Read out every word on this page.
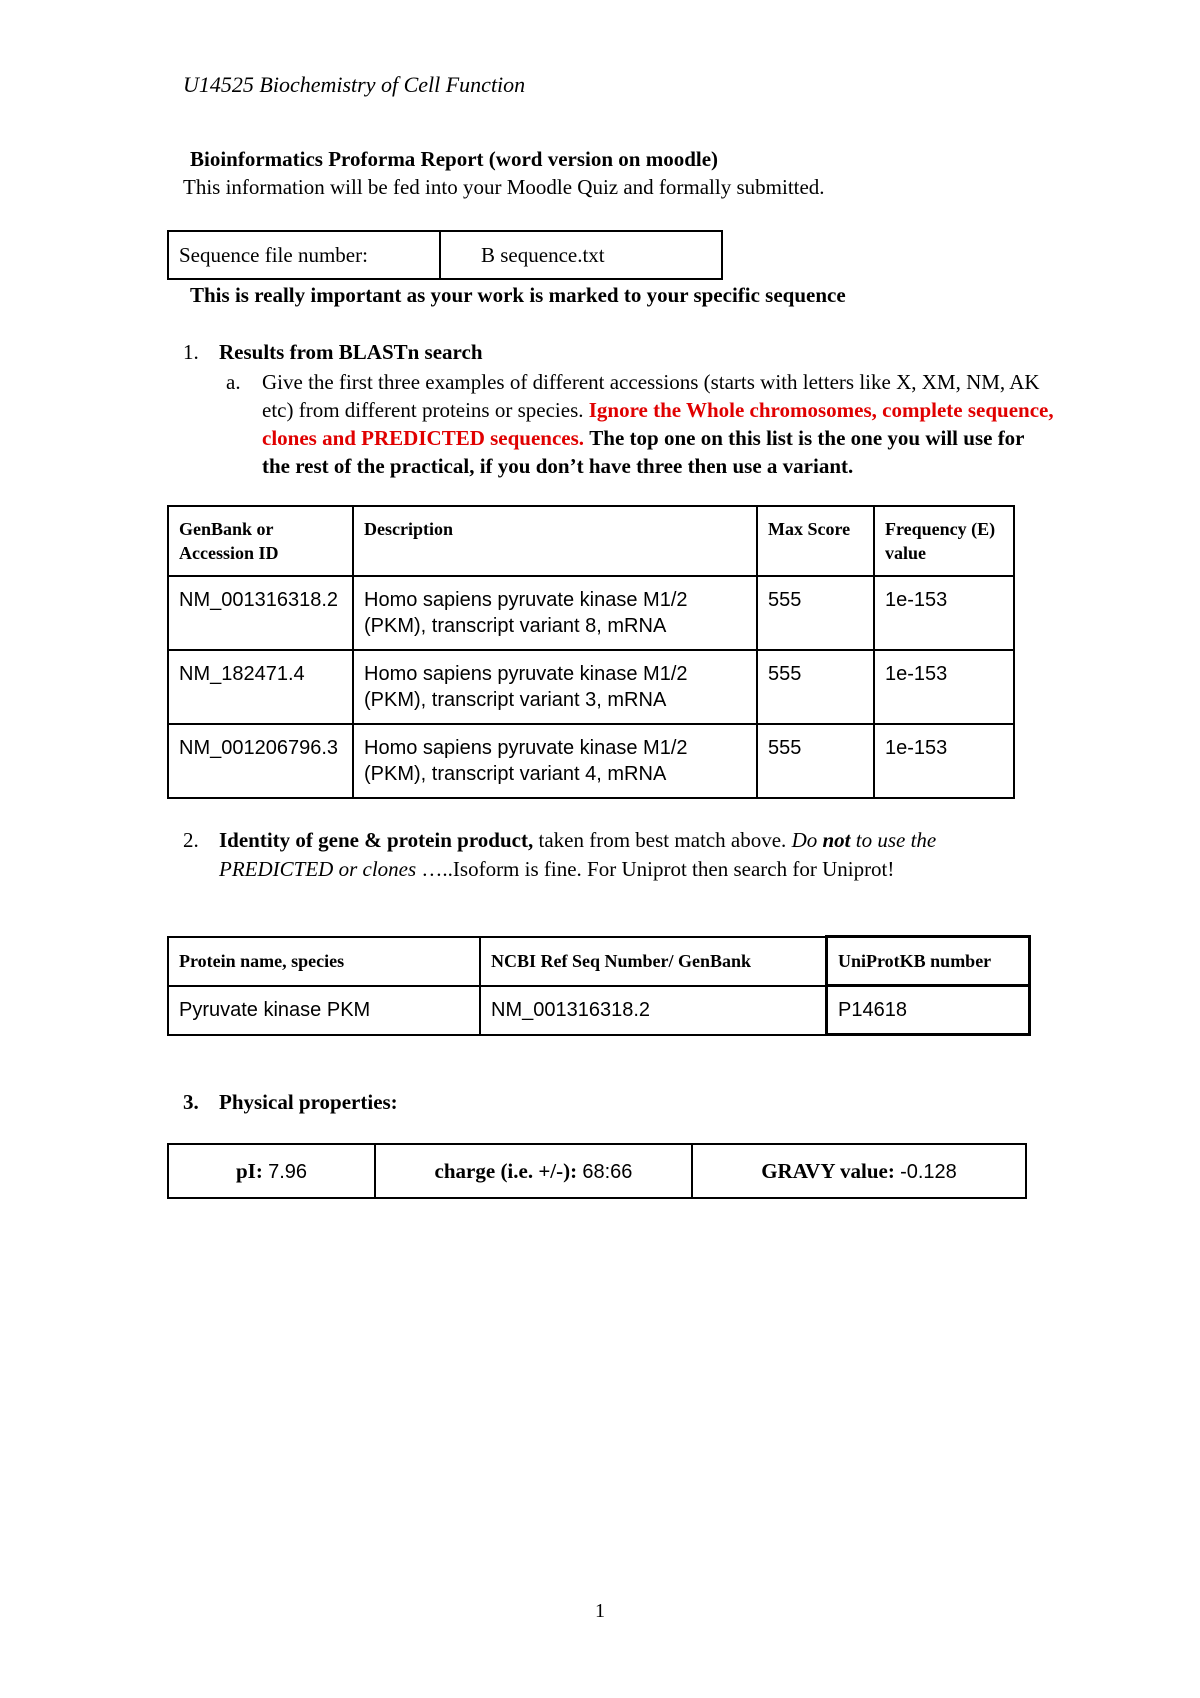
U14525 Biochemistry of Cell Function
Bioinformatics Proforma Report (word version on moodle)
This information will be fed into your Moodle Quiz and formally submitted.
Sequence file number:	B sequence.txt
This is really important as your work is marked to your specific sequence
1. Results from BLASTn search
a. Give the first three examples of different accessions (starts with letters like X, XM, NM, AK etc) from different proteins or species. Ignore the Whole chromosomes, complete sequence, clones and PREDICTED sequences. The top one on this list is the one you will use for the rest of the practical, if you don’t have three then use a variant.
GenBank or Accession ID	Description	Max Score	Frequency (E) value
NM_001316318.2	Homo sapiens pyruvate kinase M1/2 (PKM), transcript variant 8, mRNA	555	1e-153
NM_182471.4	Homo sapiens pyruvate kinase M1/2 (PKM), transcript variant 3, mRNA	555	1e-153
NM_001206796.3	Homo sapiens pyruvate kinase M1/2 (PKM), transcript variant 4, mRNA	555	1e-153
2. Identity of gene & protein product, taken from best match above. Do not to use the PREDICTED or clones …..Isoform is fine. For Uniprot then search for Uniprot!
Protein name, species	NCBI Ref Seq Number/ GenBank	UniProtKB number
Pyruvate kinase PKM	NM_001316318.2	P14618
3. Physical properties:
pI: 7.96	charge (i.e. +/-): 68:66	GRAVY value: -0.128
1
